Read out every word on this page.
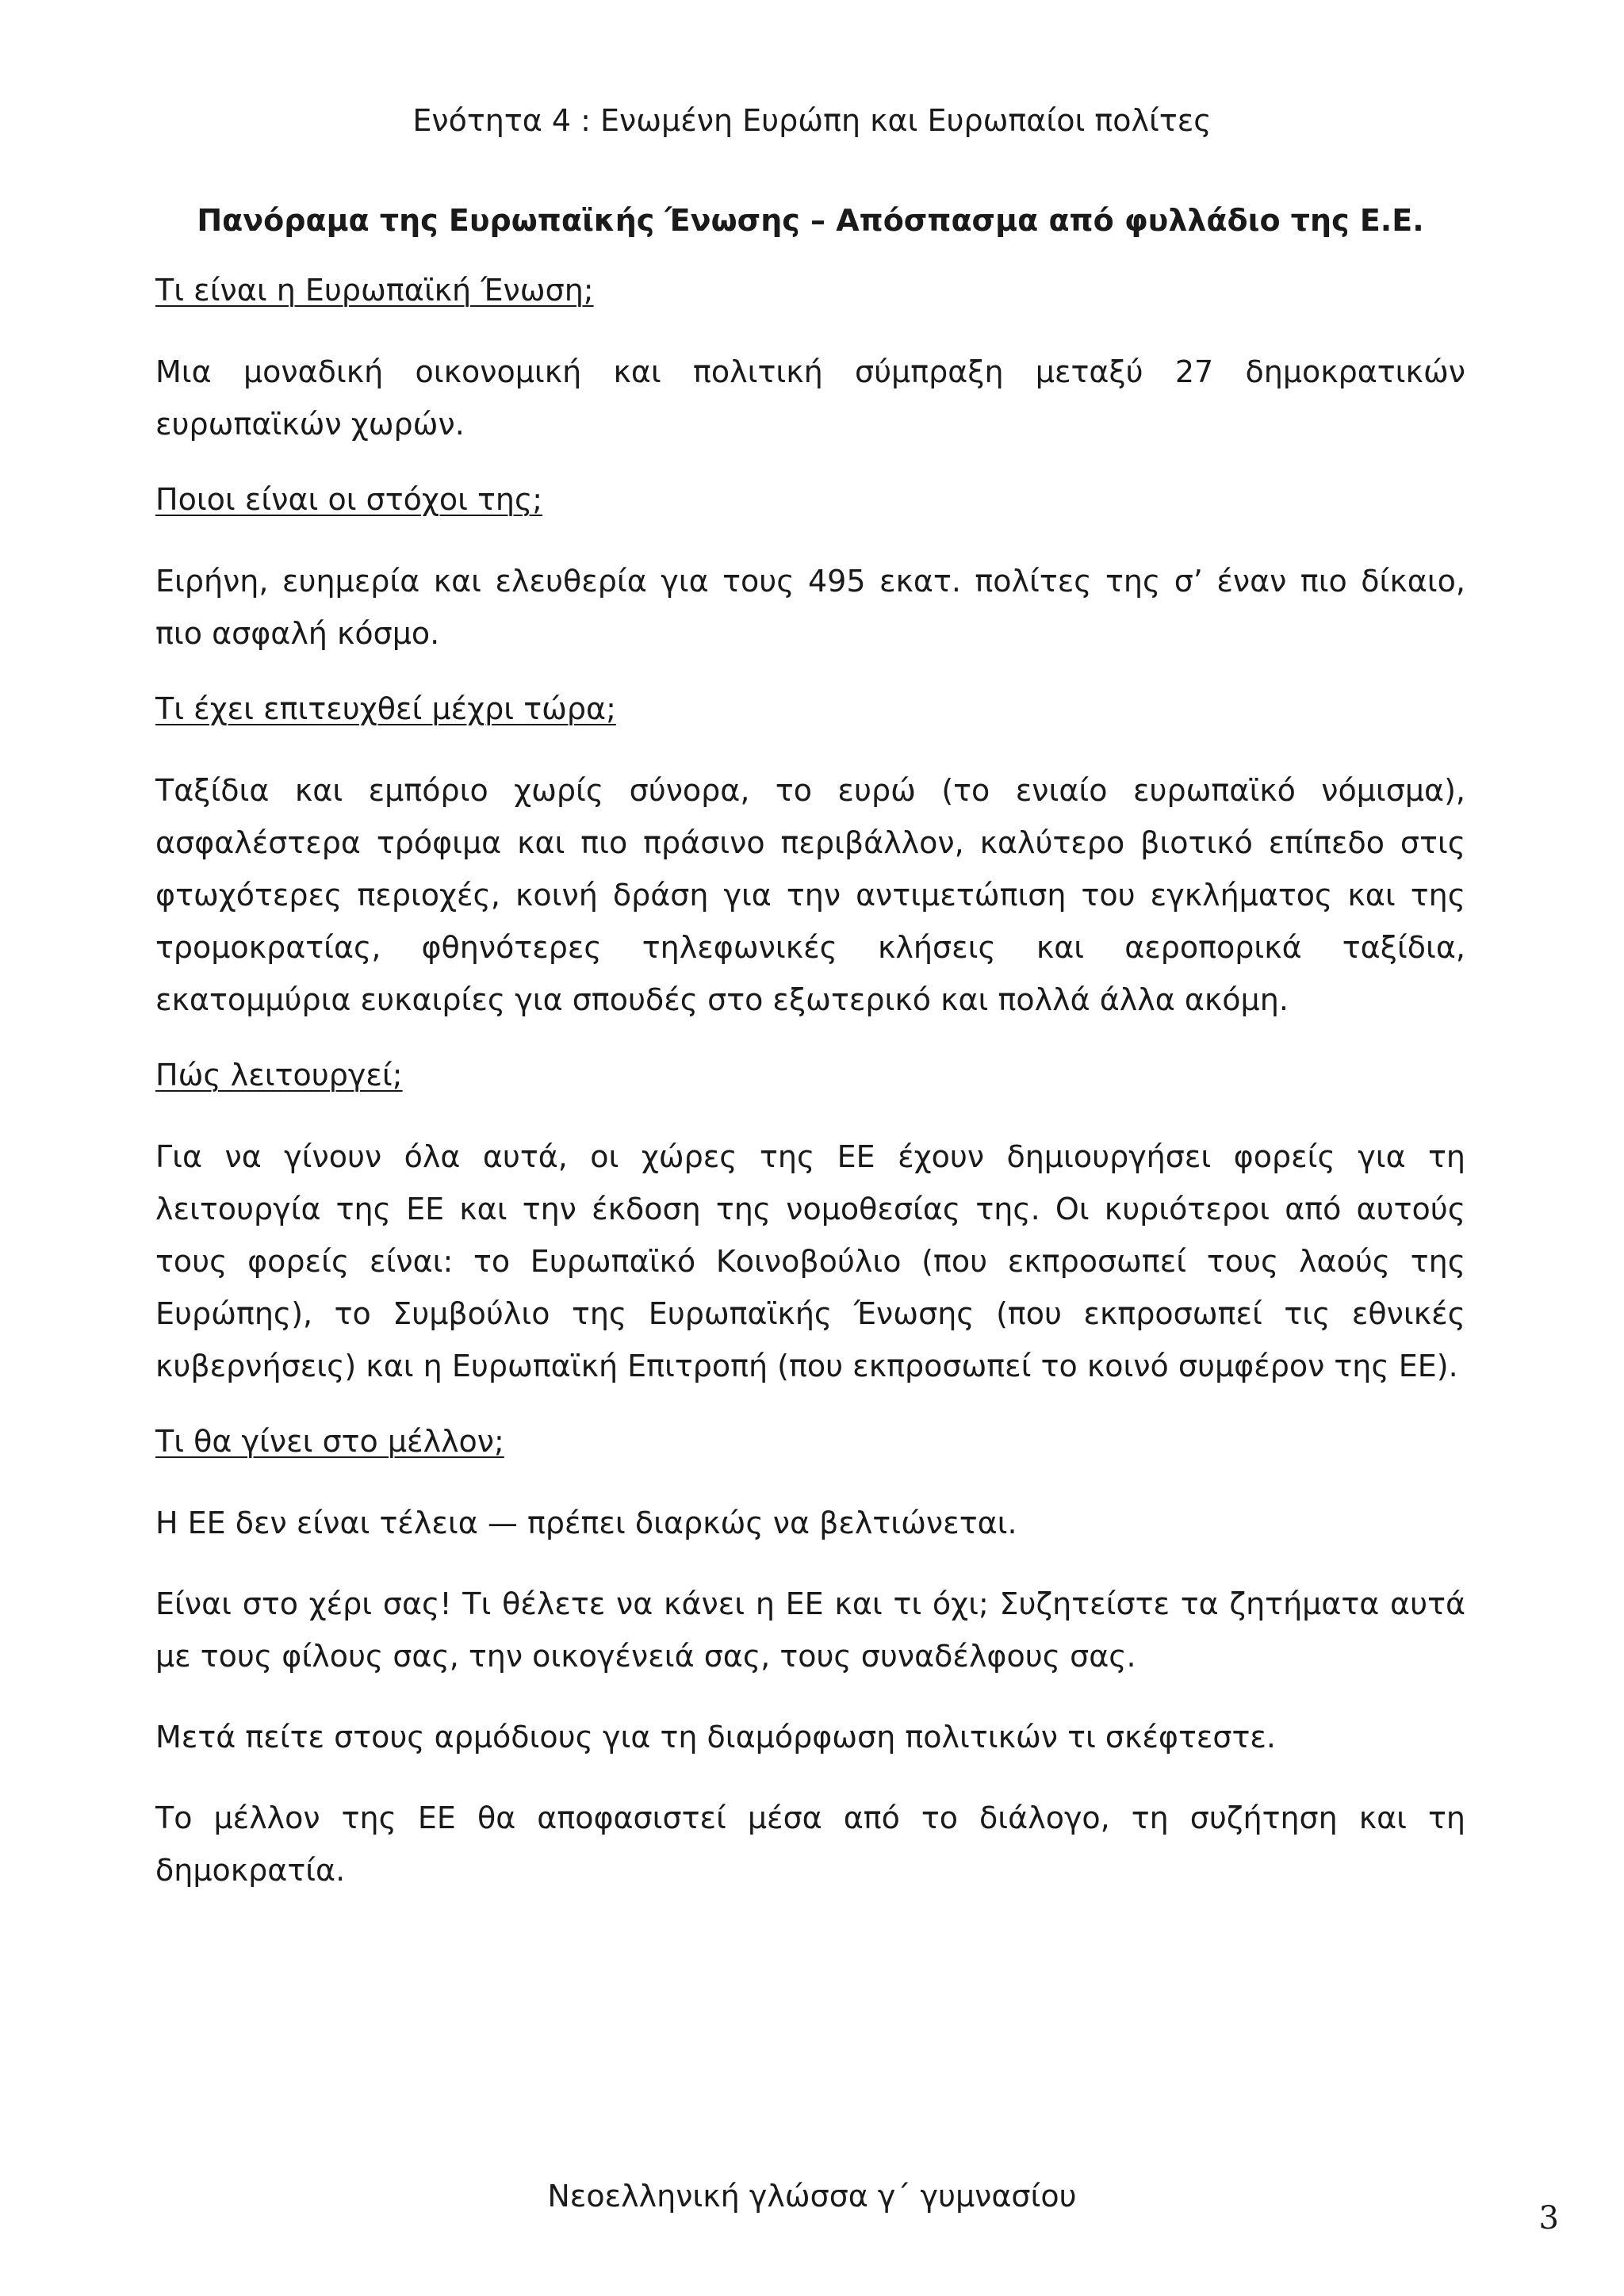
Ενότητα 4 : Ενωμένη Ευρώπη και Ευρωπαίοι πολίτες
Πανόραμα της Ευρωπαϊκής Ένωσης – Απόσπασμα από φυλλάδιο της Ε.Ε.
Τι είναι η Ευρωπαϊκή Ένωση;

Μια μοναδική οικονομική και πολιτική σύμπραξη μεταξύ 27 δημοκρατικών ευρωπαϊκών χωρών.

Ποιοι είναι οι στόχοι της;

Ειρήνη, ευημερία και ελευθερία για τους 495 εκατ. πολίτες της σ’ έναν πιο δίκαιο, πιο ασφαλή κόσμο.

Τι έχει επιτευχθεί μέχρι τώρα;

Ταξίδια και εμπόριο χωρίς σύνορα, το ευρώ (το ενιαίο ευρωπαϊκό νόμισμα), ασφαλέστερα τρόφιμα και πιο πράσινο περιβάλλον, καλύτερο βιοτικό επίπεδο στις φτωχότερες περιοχές, κοινή δράση για την αντιμετώπιση του εγκλήματος και της τρομοκρατίας, φθηνότερες τηλεφωνικές κλήσεις και αεροπορικά ταξίδια, εκατομμύρια ευκαιρίες για σπουδές στο εξωτερικό και πολλά άλλα ακόμη.

Πώς λειτουργεί;

Για να γίνουν όλα αυτά, οι χώρες της ΕΕ έχουν δημιουργήσει φορείς για τη λειτουργία της ΕΕ και την έκδοση της νομοθεσίας της. Οι κυριότεροι από αυτούς τους φορείς είναι: το Ευρωπαϊκό Κοινοβούλιο (που εκπροσωπεί τους λαούς της Ευρώπης), το Συμβούλιο της Ευρωπαϊκής Ένωσης (που εκπροσωπεί τις εθνικές κυβερνήσεις) και η Ευρωπαϊκή Επιτροπή (που εκπροσωπεί το κοινό συμφέρον της ΕΕ).

Τι θα γίνει στο μέλλον;

Η ΕΕ δεν είναι τέλεια — πρέπει διαρκώς να βελτιώνεται.

Είναι στο χέρι σας! Τι θέλετε να κάνει η ΕΕ και τι όχι; Συζητείστε τα ζητήματα αυτά με τους φίλους σας, την οικογένειά σας, τους συναδέλφους σας.

Μετά πείτε στους αρμόδιους για τη διαμόρφωση πολιτικών τι σκέφτεστε.

Το μέλλον της ΕΕ θα αποφασιστεί μέσα από το διάλογο, τη συζήτηση και τη δημοκρατία.

Νεοελληνική γλώσσα γ΄ γυμνασίου
3
